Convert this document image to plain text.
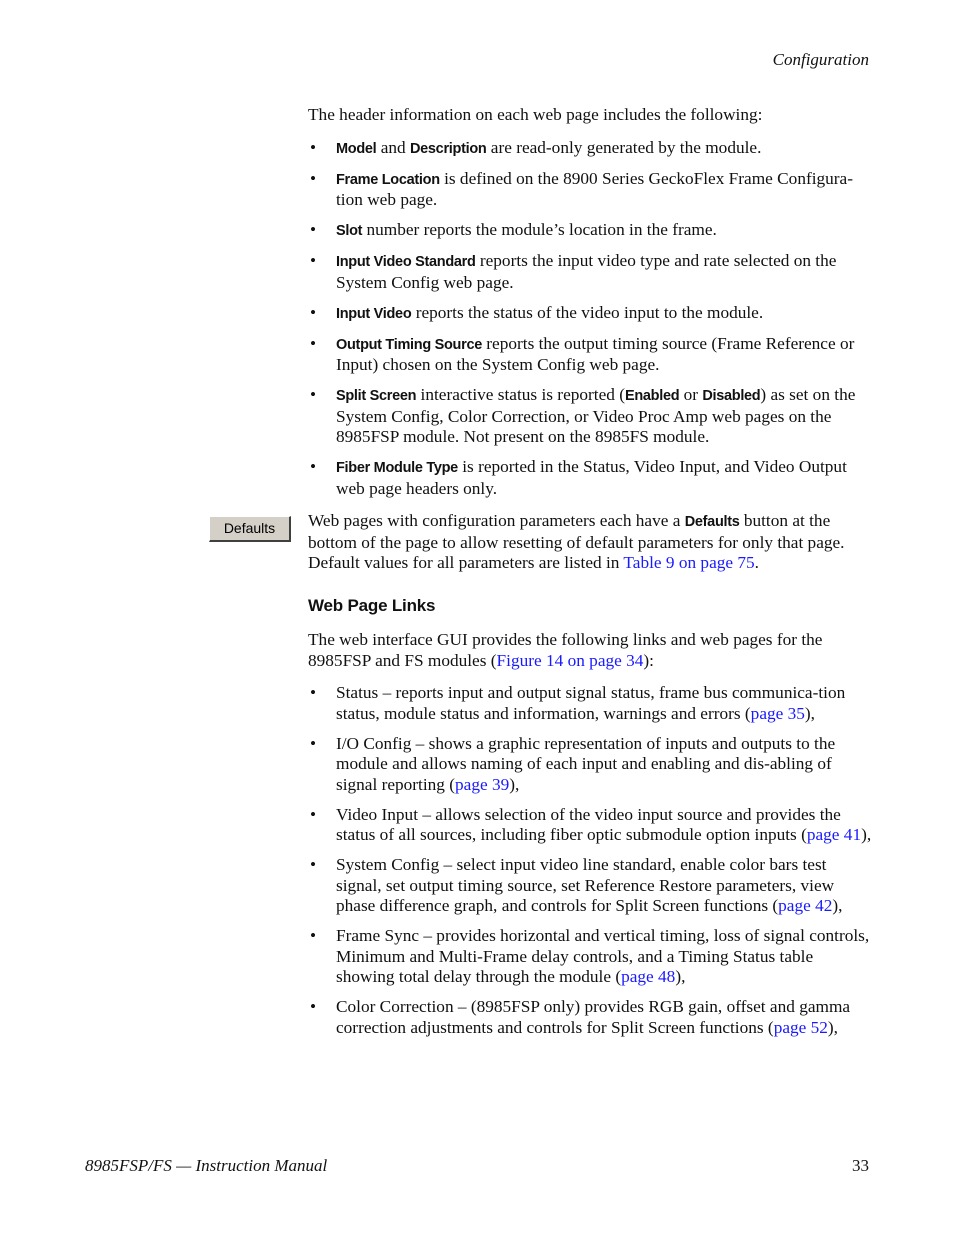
Configuration
Defaults

The header information on each web page includes the following:

• Model and Description are read-only generated by the module.
• Frame Location is defined on the 8900 Series GeckoFlex Frame Configura-tion web page.
• Slot number reports the module’s location in the frame.
• Input Video Standard reports the input video type and rate selected on the System Config web page.
• Input Video reports the status of the video input to the module.
• Output Timing Source reports the output timing source (Frame Reference or Input) chosen on the System Config web page.
• Split Screen interactive status is reported (Enabled or Disabled) as set on the System Config, Color Correction, or Video Proc Amp web pages on the 8985FSP module. Not present on the 8985FS module.
• Fiber Module Type is reported in the Status, Video Input, and Video Output web page headers only.

Web pages with configuration parameters each have a Defaults button at the bottom of the page to allow resetting of default parameters for only that page. Default values for all parameters are listed in Table 9 on page 75.

Web Page Links

The web interface GUI provides the following links and web pages for the 8985FSP and FS modules (Figure 14 on page 34):

• Status – reports input and output signal status, frame bus communica-tion status, module status and information, warnings and errors (page 35),
• I/O Config – shows a graphic representation of inputs and outputs to the module and allows naming of each input and enabling and dis-abling of signal reporting (page 39),
• Video Input – allows selection of the video input source and provides the status of all sources, including fiber optic submodule option inputs (page 41),
• System Config – select input video line standard, enable color bars test signal, set output timing source, set Reference Restore parameters, view phase difference graph, and controls for Split Screen functions (page 42),
• Frame Sync – provides horizontal and vertical timing, loss of signal controls, Minimum and Multi-Frame delay controls, and a Timing Status table showing total delay through the module (page 48),
• Color Correction – (8985FSP only) provides RGB gain, offset and gamma correction adjustments and controls for Split Screen functions (page 52),
8985FSP/FS — Instruction Manual	33
